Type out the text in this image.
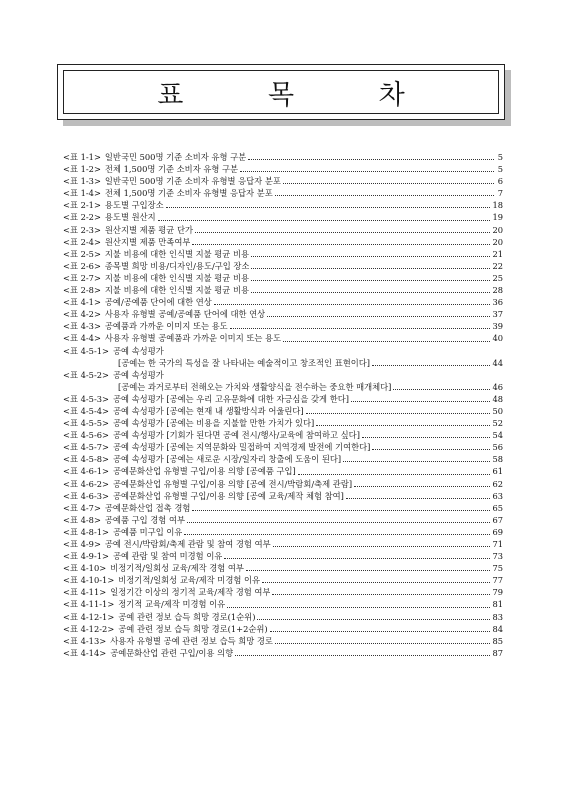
표 목 차
<표 1-1> 일반국민 500명 기준 소비자 유형 구분	5
<표 1-2> 전체 1,500명 기준 소비자 유형 구분	5
<표 1-3> 일반국민 500명 기준 소비자 유형별 응답자 분포	6
<표 1-4> 전체 1,500명 기준 소비자 유형별 응답자 분포	7
<표 2-1> 용도별 구입장소	18
<표 2-2> 용도별 원산지	19
<표 2-3> 원산지별 제품 평균 단가	20
<표 2-4> 원산지별 제품 만족여부	20
<표 2-5> 지불 비용에 대한 인식별 지불 평균 비용	21
<표 2-6> 종목별 희망 비용/디자인/용도/구입 장소	22
<표 2-7> 지불 비용에 대한 인식별 지불 평균 비용	25
<표 2-8> 지불 비용에 대한 인식별 지불 평균 비용	28
<표 4-1> 공예/공예품 단어에 대한 연상	36
<표 4-2> 사용자 유형별 공예/공예품 단어에 대한 연상	37
<표 4-3> 공예품과 가까운 이미지 또는 용도	39
<표 4-4> 사용자 유형별 공예품과 가까운 이미지 또는 용도	40
<표 4-5-1> 공예 속성평가
[공예는 한 국가의 특성을 잘 나타내는 예술적이고 창조적인 표현이다]	44
<표 4-5-2> 공예 속성평가
[공예는 과거로부터 전해오는 가치와 생활양식을 전수하는 중요한 매개체다]	46
<표 4-5-3> 공예 속성평가 [공예는 우리 고유문화에 대한 자긍심을 갖게 한다]	48
<표 4-5-4> 공예 속성평가 [공예는 현재 내 생활방식과 어울린다]	50
<표 4-5-5> 공예 속성평가 [공예는 비용을 지불할 만한 가치가 있다]	52
<표 4-5-6> 공예 속성평가 [기회가 된다면 공예 전시/행사/교육에 참여하고 싶다]	54
<표 4-5-7> 공예 속성평가 [공예는 지역문화와 밀접하여 지역경제 발전에 기여한다]	56
<표 4-5-8> 공예 속성평가 [공예는 새로운 시장/일자리 창출에 도움이 된다]	58
<표 4-6-1> 공예문화산업 유형별 구입/이용 의향 [공예품 구입]	61
<표 4-6-2> 공예문화산업 유형별 구입/이용 의향 [공예 전시/박람회/축제 관람]	62
<표 4-6-3> 공예문화산업 유형별 구입/이용 의향 [공예 교육/제작 체험 참여]	63
<표 4-7> 공예문화산업 접촉 경험	65
<표 4-8> 공예품 구입 경험 여부	67
<표 4-8-1> 공예품 미구입 이유	69
<표 4-9> 공예 전시/박람회/축제 관람 및 참여 경험 여부	71
<표 4-9-1> 공예 관람 및 참여 미경험 이유	73
<표 4-10> 비정기적/일회성 교육/제작 경험 여부	75
<표 4-10-1> 비정기적/일회성 교육/제작 미경험 이유	77
<표 4-11> 일정기간 이상의 정기적 교육/제작 경험 여부	79
<표 4-11-1> 정기적 교육/제작 미경험 이유	81
<표 4-12-1> 공예 관련 정보 습득 희망 경로(1순위)	83
<표 4-12-2> 공예 관련 정보 습득 희망 경로(1+2순위)	84
<표 4-13> 사용자 유형별 공예 관련 정보 습득 희망 경로	85
<표 4-14> 공예문화산업 관련 구입/이용 의향	87
